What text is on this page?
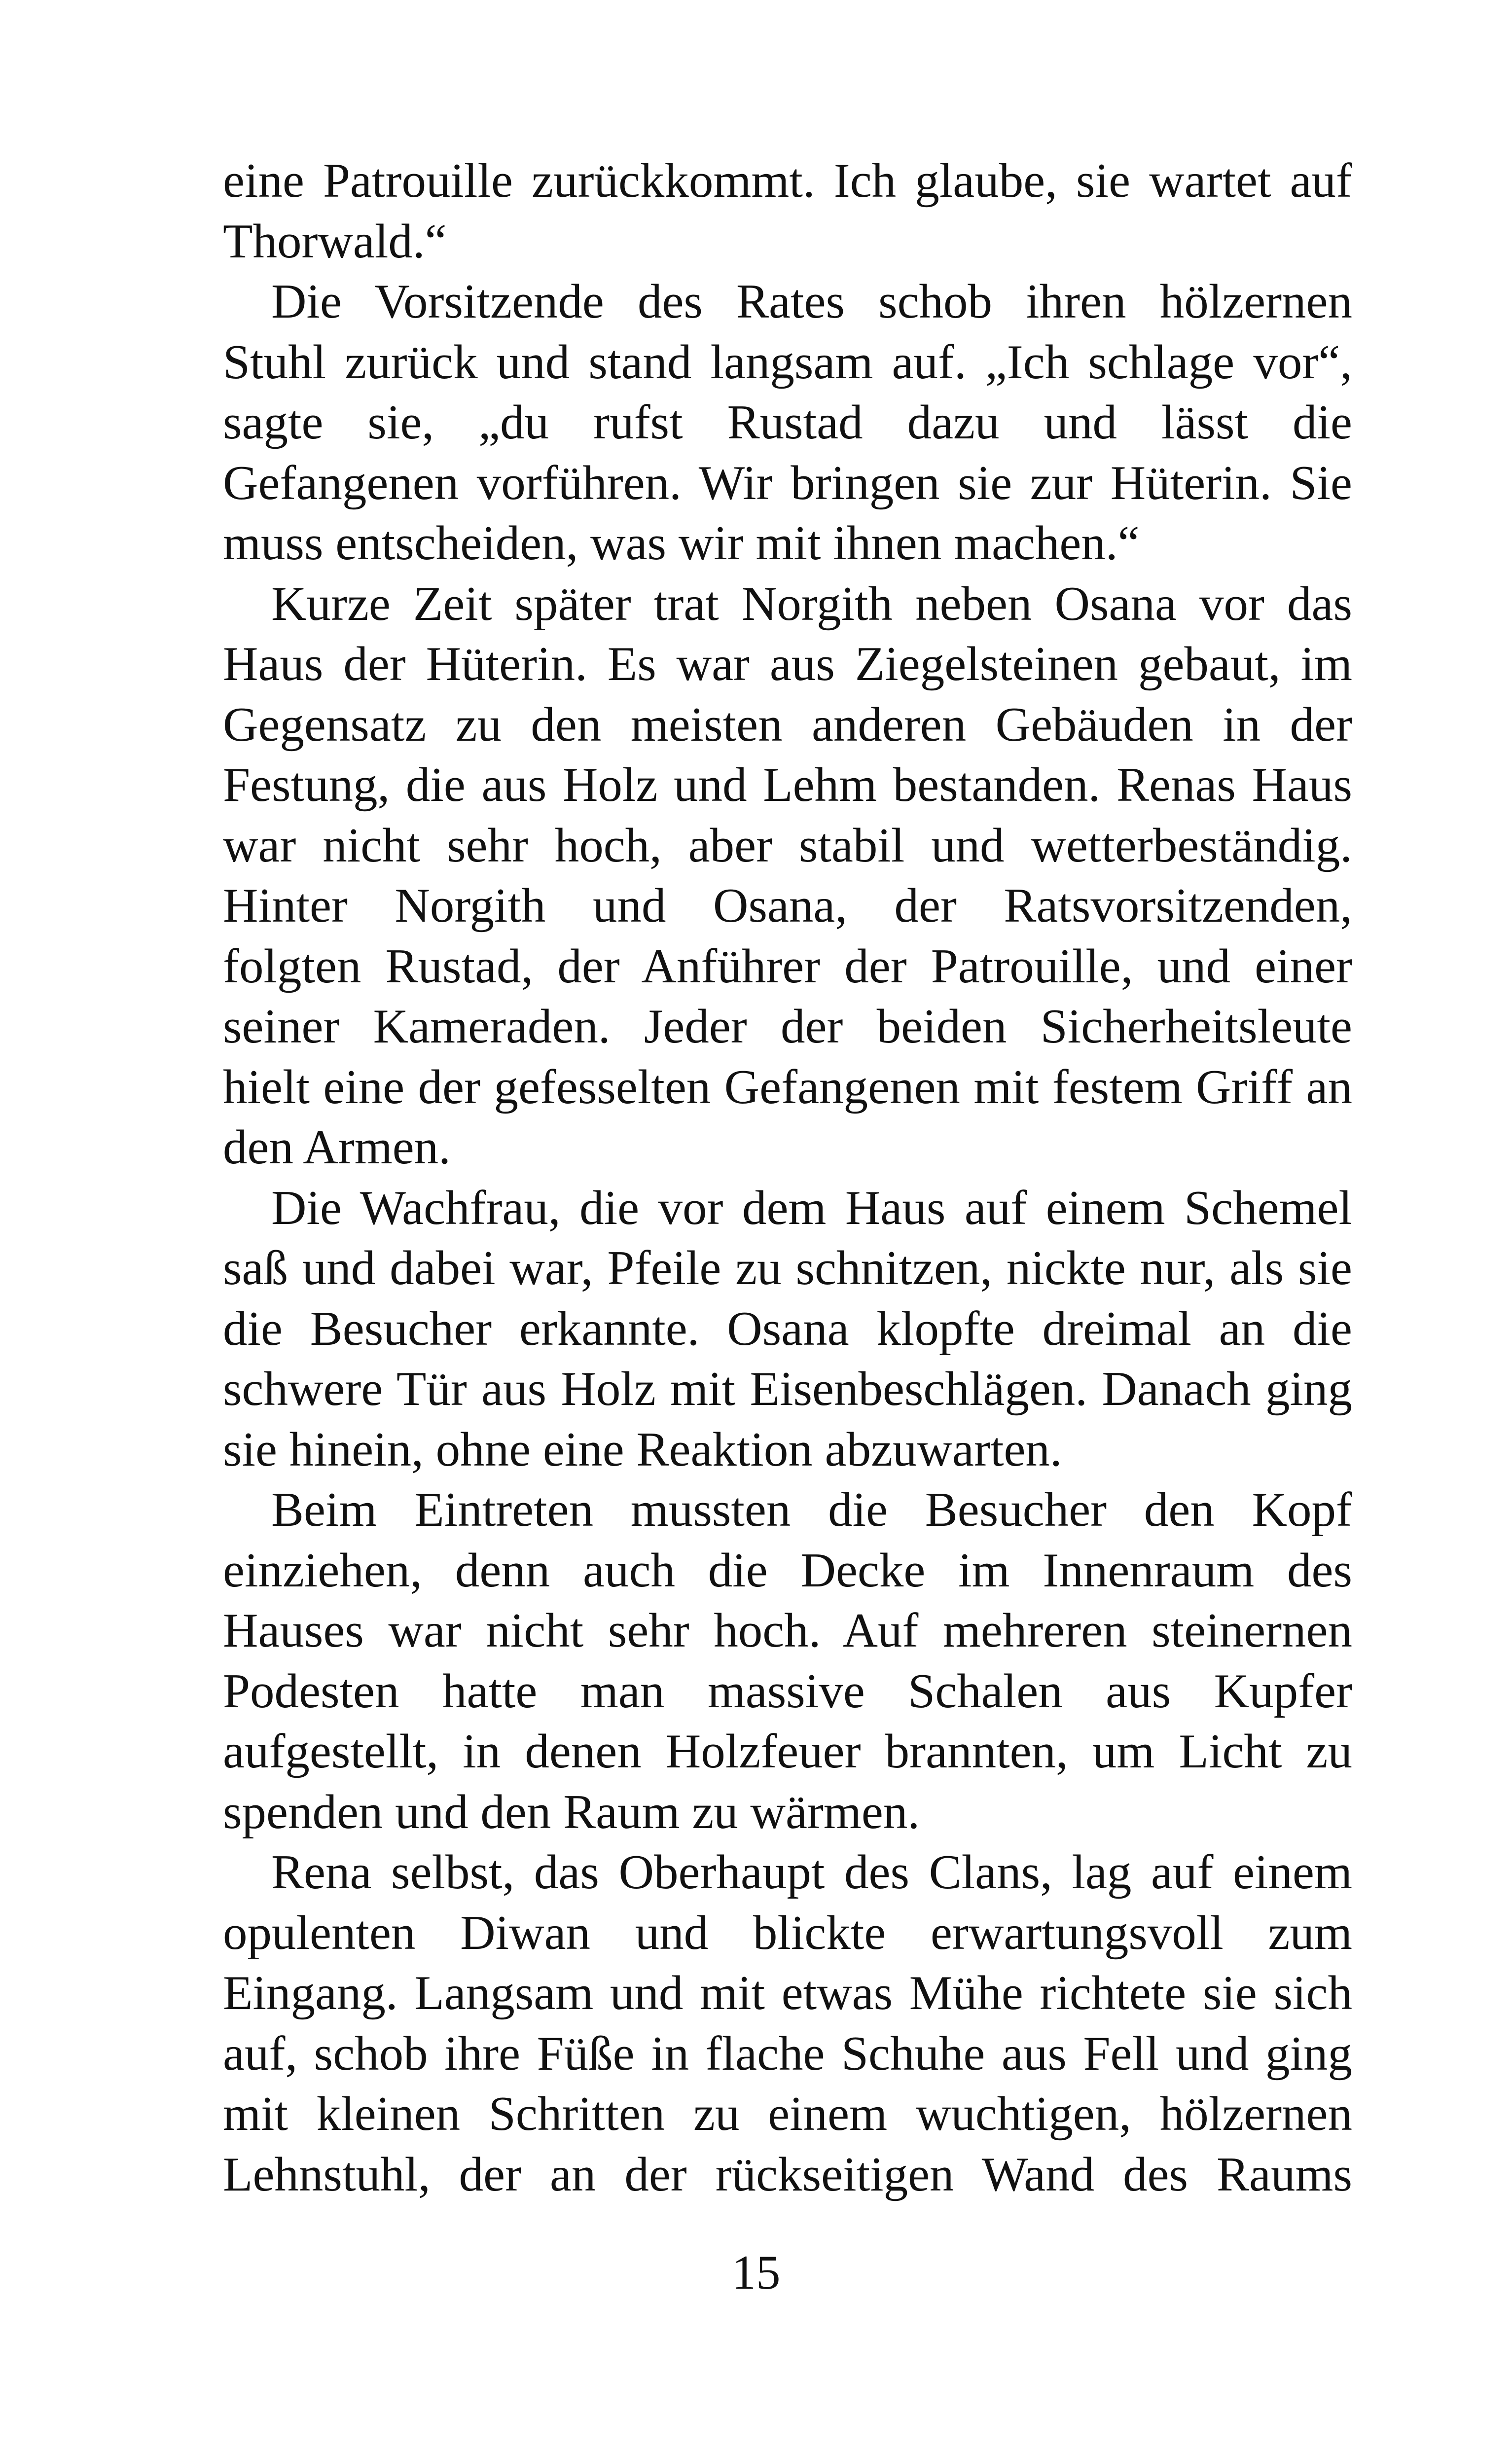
eine Patrouille zurückkommt. Ich glaube, sie wartet auf
Thorwald.“
Die Vorsitzende des Rates schob ihren hölzernen
Stuhl zurück und stand langsam auf. „Ich schlage vor“,
sagte sie, „du rufst Rustad dazu und lässt die
Gefangenen vorführen. Wir bringen sie zur Hüterin. Sie
muss entscheiden, was wir mit ihnen machen.“
Kurze Zeit später trat Norgith neben Osana vor das
Haus der Hüterin. Es war aus Ziegelsteinen gebaut, im
Gegensatz zu den meisten anderen Gebäuden in der
Festung, die aus Holz und Lehm bestanden. Renas Haus
war nicht sehr hoch, aber stabil und wetterbeständig.
Hinter Norgith und Osana, der Ratsvorsitzenden,
folgten Rustad, der Anführer der Patrouille, und einer
seiner Kameraden. Jeder der beiden Sicherheitsleute
hielt eine der gefesselten Gefangenen mit festem Griff an
den Armen.
Die Wachfrau, die vor dem Haus auf einem Schemel
saß und dabei war, Pfeile zu schnitzen, nickte nur, als sie
die Besucher erkannte. Osana klopfte dreimal an die
schwere Tür aus Holz mit Eisenbeschlägen. Danach ging
sie hinein, ohne eine Reaktion abzuwarten.
Beim Eintreten mussten die Besucher den Kopf
einziehen, denn auch die Decke im Innenraum des
Hauses war nicht sehr hoch. Auf mehreren steinernen
Podesten hatte man massive Schalen aus Kupfer
aufgestellt, in denen Holzfeuer brannten, um Licht zu
spenden und den Raum zu wärmen.
Rena selbst, das Oberhaupt des Clans, lag auf einem
opulenten Diwan und blickte erwartungsvoll zum
Eingang. Langsam und mit etwas Mühe richtete sie sich
auf, schob ihre Füße in flache Schuhe aus Fell und ging
mit kleinen Schritten zu einem wuchtigen, hölzernen
Lehnstuhl, der an der rückseitigen Wand des Raums
15
